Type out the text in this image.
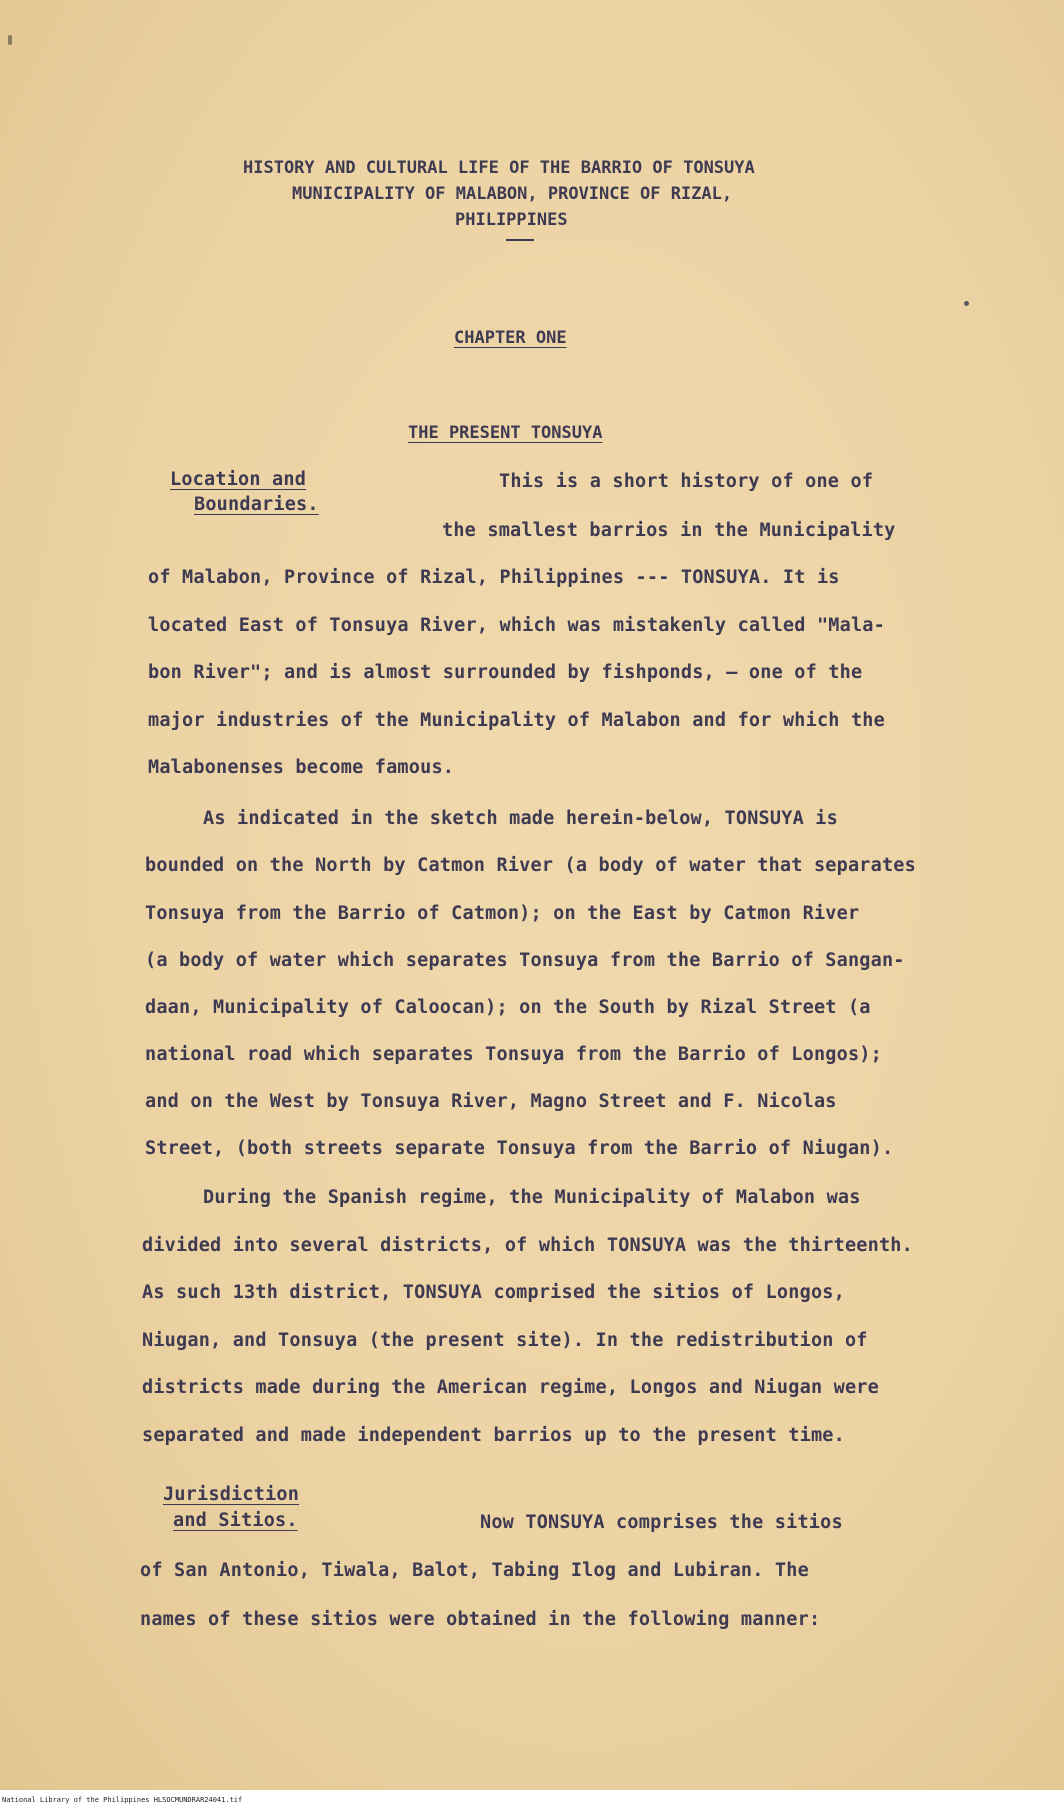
HISTORY AND CULTURAL LIFE OF THE BARRIO OF TONSUYA

MUNICIPALITY OF MALABON, PROVINCE OF RIZAL,

PHILIPPINES

CHAPTER ONE

THE PRESENT TONSUYA

Location and

Boundaries.

This is a short history of one of

the smallest barrios in the Municipality

of Malabon, Province of Rizal, Philippines --- TONSUYA. It is

located East of Tonsuya River, which was mistakenly called "Mala-

bon River"; and is almost surrounded by fishponds, — one of the

major industries of the Municipality of Malabon and for which the

Malabonenses become famous.

As indicated in the sketch made herein-below, TONSUYA is

bounded on the North by Catmon River (a body of water that separates

Tonsuya from the Barrio of Catmon); on the East by Catmon River

(a body of water which separates Tonsuya from the Barrio of Sangan-

daan, Municipality of Caloocan); on the South by Rizal Street (a

national road which separates Tonsuya from the Barrio of Longos);

and on the West by Tonsuya River, Magno Street and F. Nicolas

Street, (both streets separate Tonsuya from the Barrio of Niugan).

During the Spanish regime, the Municipality of Malabon was

divided into several districts, of which TONSUYA was the thirteenth.

As such 13th district, TONSUYA comprised the sitios of Longos,

Niugan, and Tonsuya (the present site). In the redistribution of

districts made during the American regime, Longos and Niugan were

separated and made independent barrios up to the present time.

Jurisdiction

and Sitios.	Now TONSUYA comprises the sitios

of San Antonio, Tiwala, Balot, Tabing Ilog and Lubiran. The

names of these sitios were obtained in the following manner:

National Library of the Philippines HLSOCMUNDRAR24041.tif
